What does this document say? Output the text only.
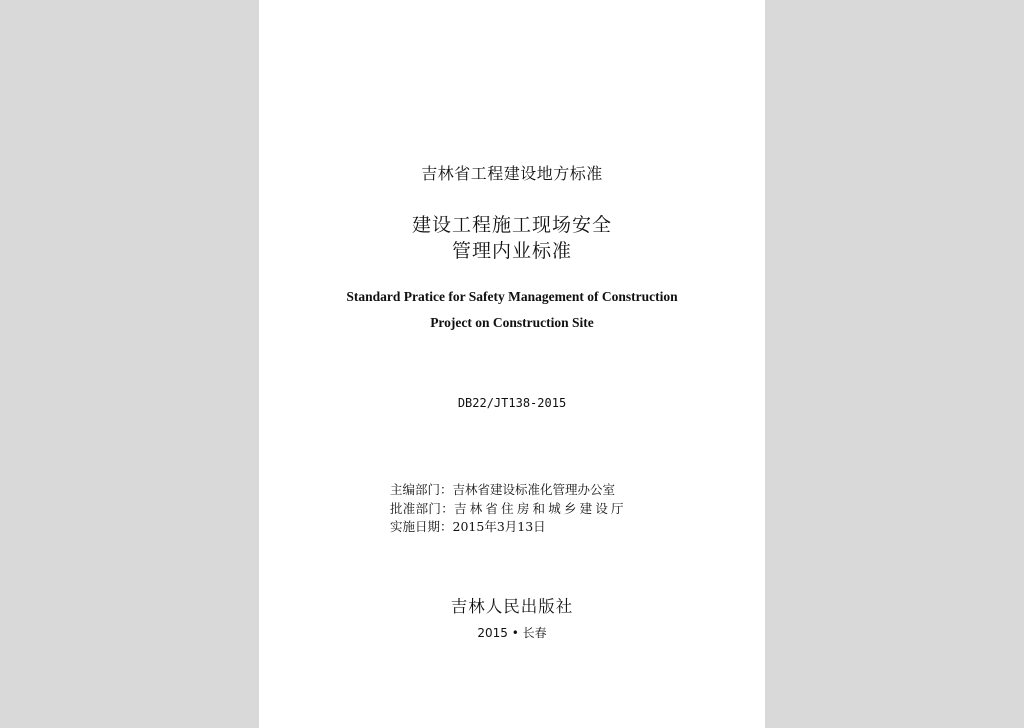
吉林省工程建设地方标准
建设工程施工现场安全
管理内业标准
Standard Pratice for Safety Management of Construction
Project on Construction Site
DB22/JT138-2015
主编部门：吉林省建设标准化管理办公室
批准部门：吉林省住房和城乡建设厅
实施日期：2015年3月13日
吉林人民出版社
2015 • 长春
